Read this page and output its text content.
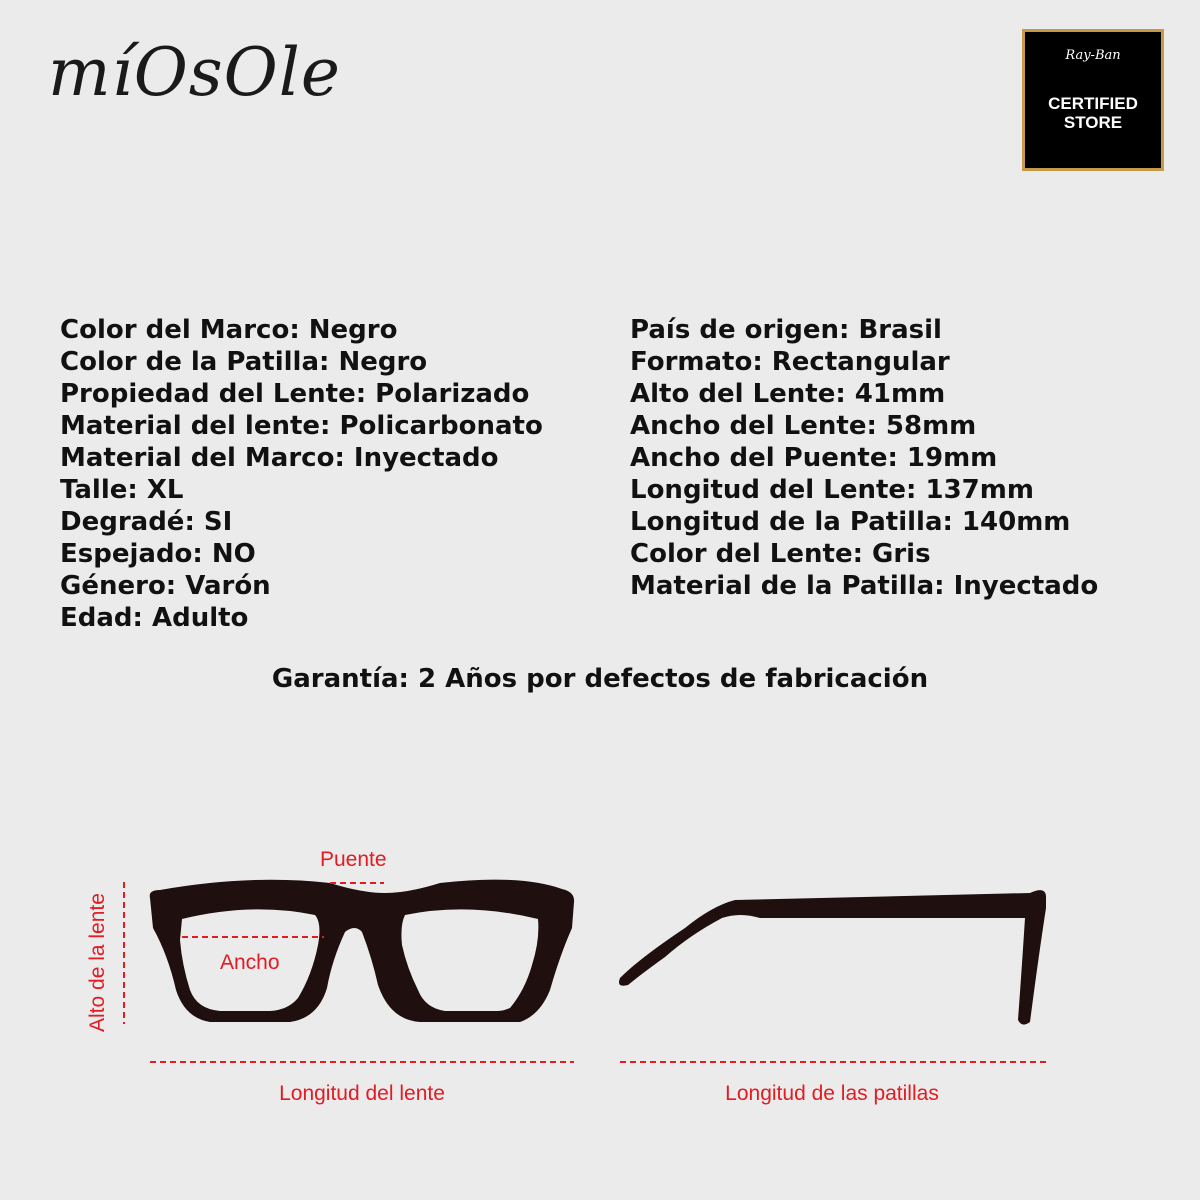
míOsOle	Ray-Ban
CERTIFIED
STORE
Color del Marco: Negro
Color de la Patilla: Negro
Propiedad del Lente: Polarizado
Material del lente: Policarbonato
Material del Marco: Inyectado
Talle: XL
Degradé: SI
Espejado: NO
Género: Varón
Edad: Adulto
País de origen: Brasil
Formato: Rectangular
Alto del Lente: 41mm
Ancho del Lente: 58mm
Ancho del Puente: 19mm
Longitud del Lente: 137mm
Longitud de la Patilla: 140mm
Color del Lente: Gris
Material de la Patilla: Inyectado
Garantía: 2 Años por defectos de fabricación
Puente
Ancho
Alto de la lente
Longitud del lente	Longitud de las patillas
